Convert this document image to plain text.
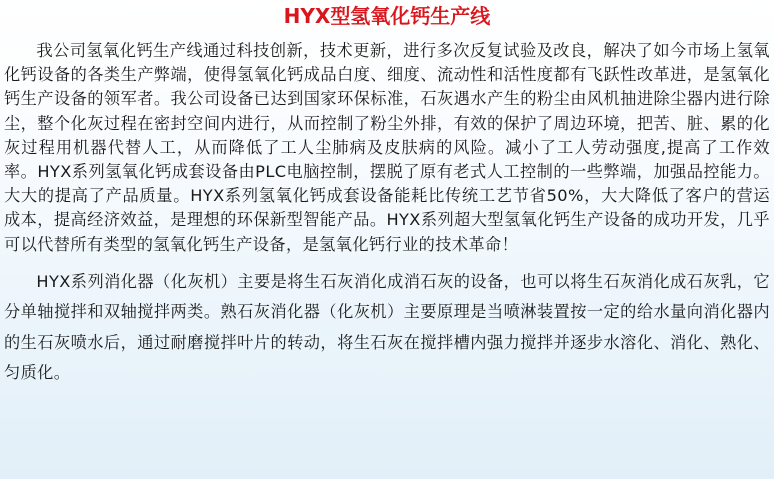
HYX型氢氧化钙生产线

我公司氢氧化钙生产线通过科技创新，技术更新，进行多次反复试验及改良，解决了如今市场上氢氧化钙设备的各类生产弊端，使得氢氧化钙成品白度、细度、流动性和活性度都有飞跃性改革进，是氢氧化钙生产设备的领军者。我公司设备已达到国家环保标准，石灰遇水产生的粉尘由风机抽进除尘器内进行除尘，整个化灰过程在密封空间内进行，从而控制了粉尘外排，有效的保护了周边环境，把苦、脏、累的化灰过程用机器代替人工，从而降低了工人尘肺病及皮肤病的风险。减小了工人劳动强度,提高了工作效率。HYX系列氢氧化钙成套设备由PLC电脑控制，摆脱了原有老式人工控制的一些弊端，加强品控能力。大大的提高了产品质量。HYX系列氢氧化钙成套设备能耗比传统工艺节省50%，大大降低了客户的营运成本，提高经济效益，是理想的环保新型智能产品。HYX系列超大型氢氧化钙生产设备的成功开发，几乎可以代替所有类型的氢氧化钙生产设备，是氢氧化钙行业的技术革命！

HYX系列消化器（化灰机）主要是将生石灰消化成消石灰的设备，也可以将生石灰消化成石灰乳，它分单轴搅拌和双轴搅拌两类。熟石灰消化器（化灰机）主要原理是当喷淋装置按一定的给水量向消化器内的生石灰喷水后，通过耐磨搅拌叶片的转动，将生石灰在搅拌槽内强力搅拌并逐步水溶化、消化、熟化、匀质化。
